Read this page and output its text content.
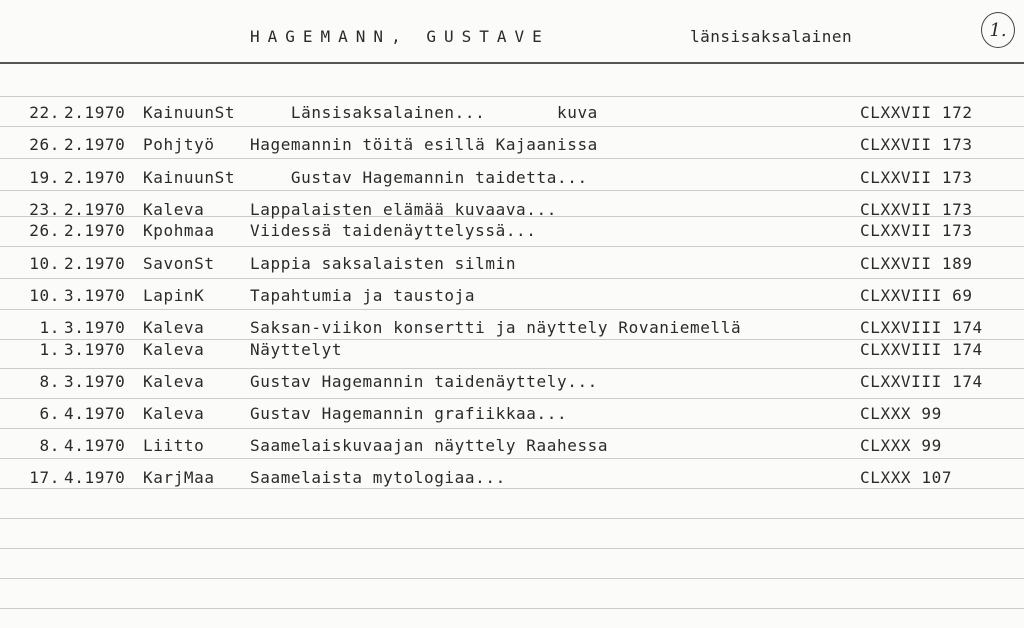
HAGEMANN, GUSTAVE	länsisaksalainen	1.
22. 2.1970 KainuunSt Länsisaksalainen...       kuva	CLXXVII 172
26. 2.1970 Pohjtyö Hagemannin töitä esillä Kajaanissa	CLXXVII 173
19. 2.1970 KainuunSt Gustav Hagemannin taidetta...	CLXXVII 173
23. 2.1970 Kaleva	Lappalaisten elämää kuvaava...	CLXXVII 173
26. 2.1970 Kpohmaa Viidessä taidenäyttelyssä...	CLXXVII 173
10. 2.1970 SavonSt Lappia saksalaisten silmin	CLXXVII 189
10. 3.1970 LapinK	Tapahtumia ja taustoja	CLXXVIII 69
1. 3.1970 Kaleva	Saksan-viikon konsertti ja näyttely Rovaniemellä	CLXXVIII 174
1. 3.1970 Kaleva	Näyttelyt	CLXXVIII 174
8. 3.1970 Kaleva	Gustav Hagemannin taidenäyttely...	CLXXVIII 174
6. 4.1970 Kaleva	Gustav Hagemannin grafiikkaa...	CLXXX 99
8. 4.1970 Liitto	Saamelaiskuvaajan näyttely Raahessa	CLXXX 99
17. 4.1970 KarjMaa Saamelaista mytologiaa...	CLXXX 107
